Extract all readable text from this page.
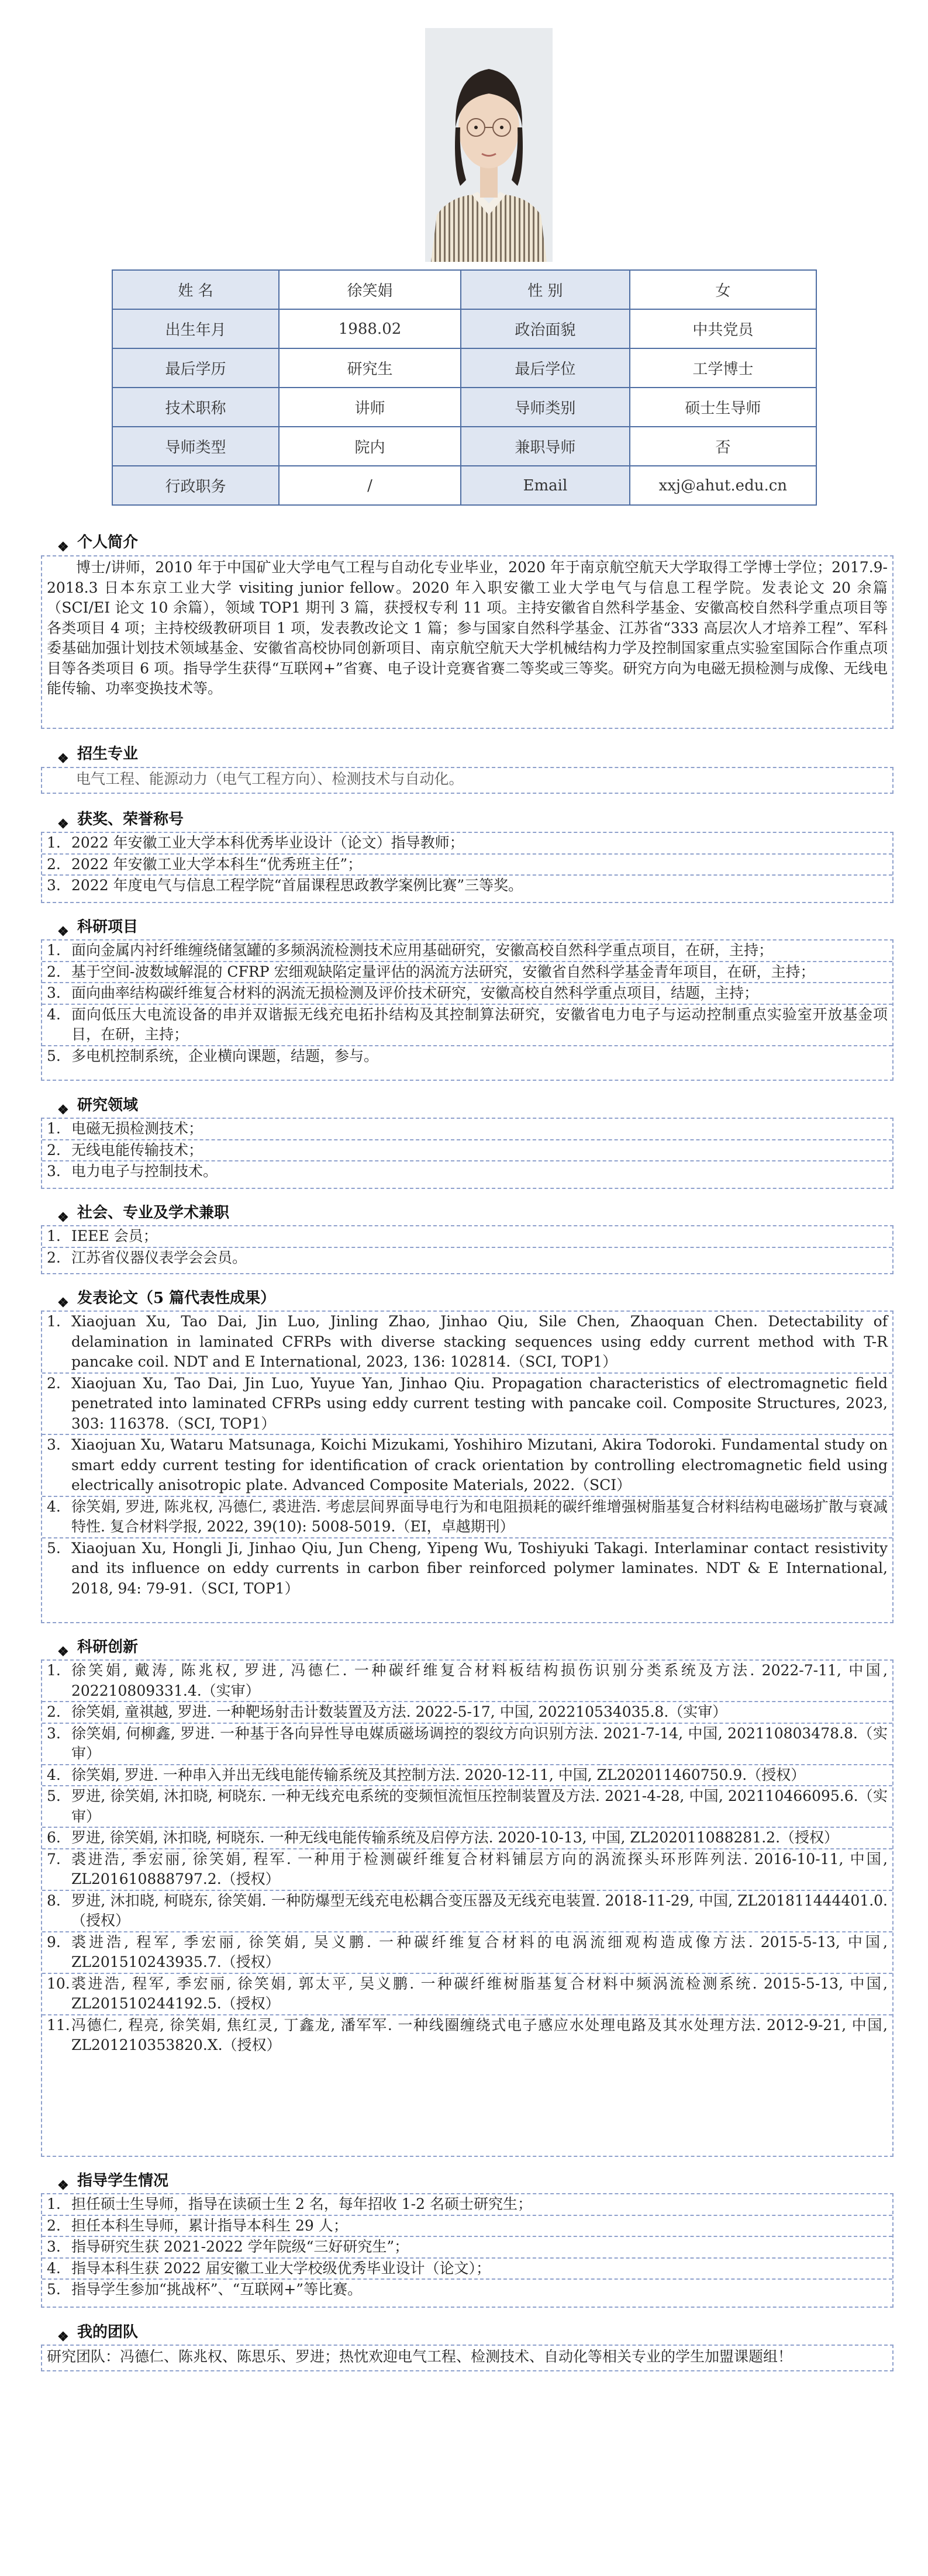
姓 名	徐笑娟	性 别	女
出生年月	1988.02	政治面貌	中共党员
最后学历	研究生	最后学位	工学博士
技术职称	讲师	导师类别	硕士生导师
导师类型	院内	兼职导师	否
行政职务	/	Email	xxj@ahut.edu.cn
❖ 个人简介
博士/讲师，2010 年于中国矿业大学电气工程与自动化专业毕业，2020 年于南京航空航天大学取得工学博士学位；2017.9-2018.3 日本东京工业大学 visiting junior fellow。2020 年入职安徽工业大学电气与信息工程学院。发表论文 20 余篇（SCI/EI 论文 10 余篇），领域 TOP1 期刊 3 篇，获授权专利 11 项。主持安徽省自然科学基金、安徽高校自然科学重点项目等各类项目 4 项；主持校级教研项目 1 项，发表教改论文 1 篇；参与国家自然科学基金、江苏省“333 高层次人才培养工程”、军科委基础加强计划技术领域基金、安徽省高校协同创新项目、南京航空航天大学机械结构力学及控制国家重点实验室国际合作重点项目等各类项目 6 项。指导学生获得“互联网+”省赛、电子设计竞赛省赛二等奖或三等奖。研究方向为电磁无损检测与成像、无线电能传输、功率变换技术等。
❖ 招生专业
电气工程、能源动力（电气工程方向）、检测技术与自动化。
❖ 获奖、荣誉称号
1. 2022 年安徽工业大学本科优秀毕业设计（论文）指导教师；
2. 2022 年安徽工业大学本科生“优秀班主任”；
3. 2022 年度电气与信息工程学院“首届课程思政教学案例比赛”三等奖。
❖ 科研项目
1. 面向金属内衬纤维缠绕储氢罐的多频涡流检测技术应用基础研究，安徽高校自然科学重点项目，在研，主持；
2. 基于空间-波数域解混的 CFRP 宏细观缺陷定量评估的涡流方法研究，安徽省自然科学基金青年项目，在研，主持；
3. 面向曲率结构碳纤维复合材料的涡流无损检测及评价技术研究，安徽高校自然科学重点项目，结题，主持；
4. 面向低压大电流设备的串并双谐振无线充电拓扑结构及其控制算法研究，安徽省电力电子与运动控制重点实验室开放基金项目，在研，主持；
5. 多电机控制系统，企业横向课题，结题，参与。
❖ 研究领域
1. 电磁无损检测技术；
2. 无线电能传输技术；
3. 电力电子与控制技术。
❖ 社会、专业及学术兼职
1. IEEE 会员；
2. 江苏省仪器仪表学会会员。
❖ 发表论文（5 篇代表性成果）
1. Xiaojuan Xu, Tao Dai, Jin Luo, Jinling Zhao, Jinhao Qiu, Sile Chen, Zhaoquan Chen. Detectability of delamination in laminated CFRPs with diverse stacking sequences using eddy current method with T-R pancake coil. NDT and E International, 2023, 136: 102814.（SCI, TOP1）
2. Xiaojuan Xu, Tao Dai, Jin Luo, Yuyue Yan, Jinhao Qiu. Propagation characteristics of electromagnetic field penetrated into laminated CFRPs using eddy current testing with pancake coil. Composite Structures, 2023, 303: 116378.（SCI, TOP1）
3. Xiaojuan Xu, Wataru Matsunaga, Koichi Mizukami, Yoshihiro Mizutani, Akira Todoroki. Fundamental study on smart eddy current testing for identification of crack orientation by controlling electromagnetic field using electrically anisotropic plate. Advanced Composite Materials, 2022.（SCI）
4. 徐笑娟, 罗进, 陈兆权, 冯德仁, 裘进浩. 考虑层间界面导电行为和电阻损耗的碳纤维增强树脂基复合材料结构电磁场扩散与衰减特性. 复合材料学报, 2022, 39(10): 5008-5019.（EI，卓越期刊）
5. Xiaojuan Xu, Hongli Ji, Jinhao Qiu, Jun Cheng, Yipeng Wu, Toshiyuki Takagi. Interlaminar contact resistivity and its influence on eddy currents in carbon fiber reinforced polymer laminates. NDT & E International, 2018, 94: 79-91.（SCI, TOP1）
❖ 科研创新
1. 徐笑娟, 戴涛, 陈兆权, 罗进, 冯德仁. 一种碳纤维复合材料板结构损伤识别分类系统及方法. 2022-7-11, 中国, 202210809331.4.（实审）
2. 徐笑娟, 童祺越, 罗进. 一种靶场射击计数装置及方法. 2022-5-17, 中国, 202210534035.8.（实审）
3. 徐笑娟, 何柳鑫, 罗进. 一种基于各向异性导电媒质磁场调控的裂纹方向识别方法. 2021-7-14, 中国, 202110803478.8.（实审）
4. 徐笑娟, 罗进. 一种串入并出无线电能传输系统及其控制方法. 2020-12-11, 中国, ZL202011460750.9.（授权）
5. 罗进, 徐笑娟, 沐扣晓, 柯晓东. 一种无线充电系统的变频恒流恒压控制装置及方法. 2021-4-28, 中国, 202110466095.6.（实审）
6. 罗进, 徐笑娟, 沐扣晓, 柯晓东. 一种无线电能传输系统及启停方法. 2020-10-13, 中国, ZL202011088281.2.（授权）
7. 裘进浩, 季宏丽, 徐笑娟, 程军. 一种用于检测碳纤维复合材料铺层方向的涡流探头环形阵列法. 2016-10-11, 中国, ZL201610888797.2.（授权）
8. 罗进, 沐扣晓, 柯晓东, 徐笑娟. 一种防爆型无线充电松耦合变压器及无线充电装置. 2018-11-29, 中国, ZL201811444401.0.（授权）
9. 裘进浩, 程军, 季宏丽, 徐笑娟, 吴义鹏. 一种碳纤维复合材料的电涡流细观构造成像方法. 2015-5-13, 中国, ZL201510243935.7.（授权）
10. 裘进浩, 程军, 季宏丽, 徐笑娟, 郭太平, 吴义鹏. 一种碳纤维树脂基复合材料中频涡流检测系统. 2015-5-13, 中国, ZL201510244192.5.（授权）
11. 冯德仁, 程亮, 徐笑娟, 焦红灵, 丁鑫龙, 潘军军. 一种线圈缠绕式电子感应水处理电路及其水处理方法. 2012-9-21, 中国, ZL201210353820.X.（授权）
❖ 指导学生情况
1. 担任硕士生导师，指导在读硕士生 2 名，每年招收 1-2 名硕士研究生；
2. 担任本科生导师，累计指导本科生 29 人；
3. 指导研究生获 2021-2022 学年院级“三好研究生”；
4. 指导本科生获 2022 届安徽工业大学校级优秀毕业设计（论文）；
5. 指导学生参加“挑战杯”、“互联网+”等比赛。
❖ 我的团队
研究团队：冯德仁、陈兆权、陈思乐、罗进；热忱欢迎电气工程、检测技术、自动化等相关专业的学生加盟课题组！
